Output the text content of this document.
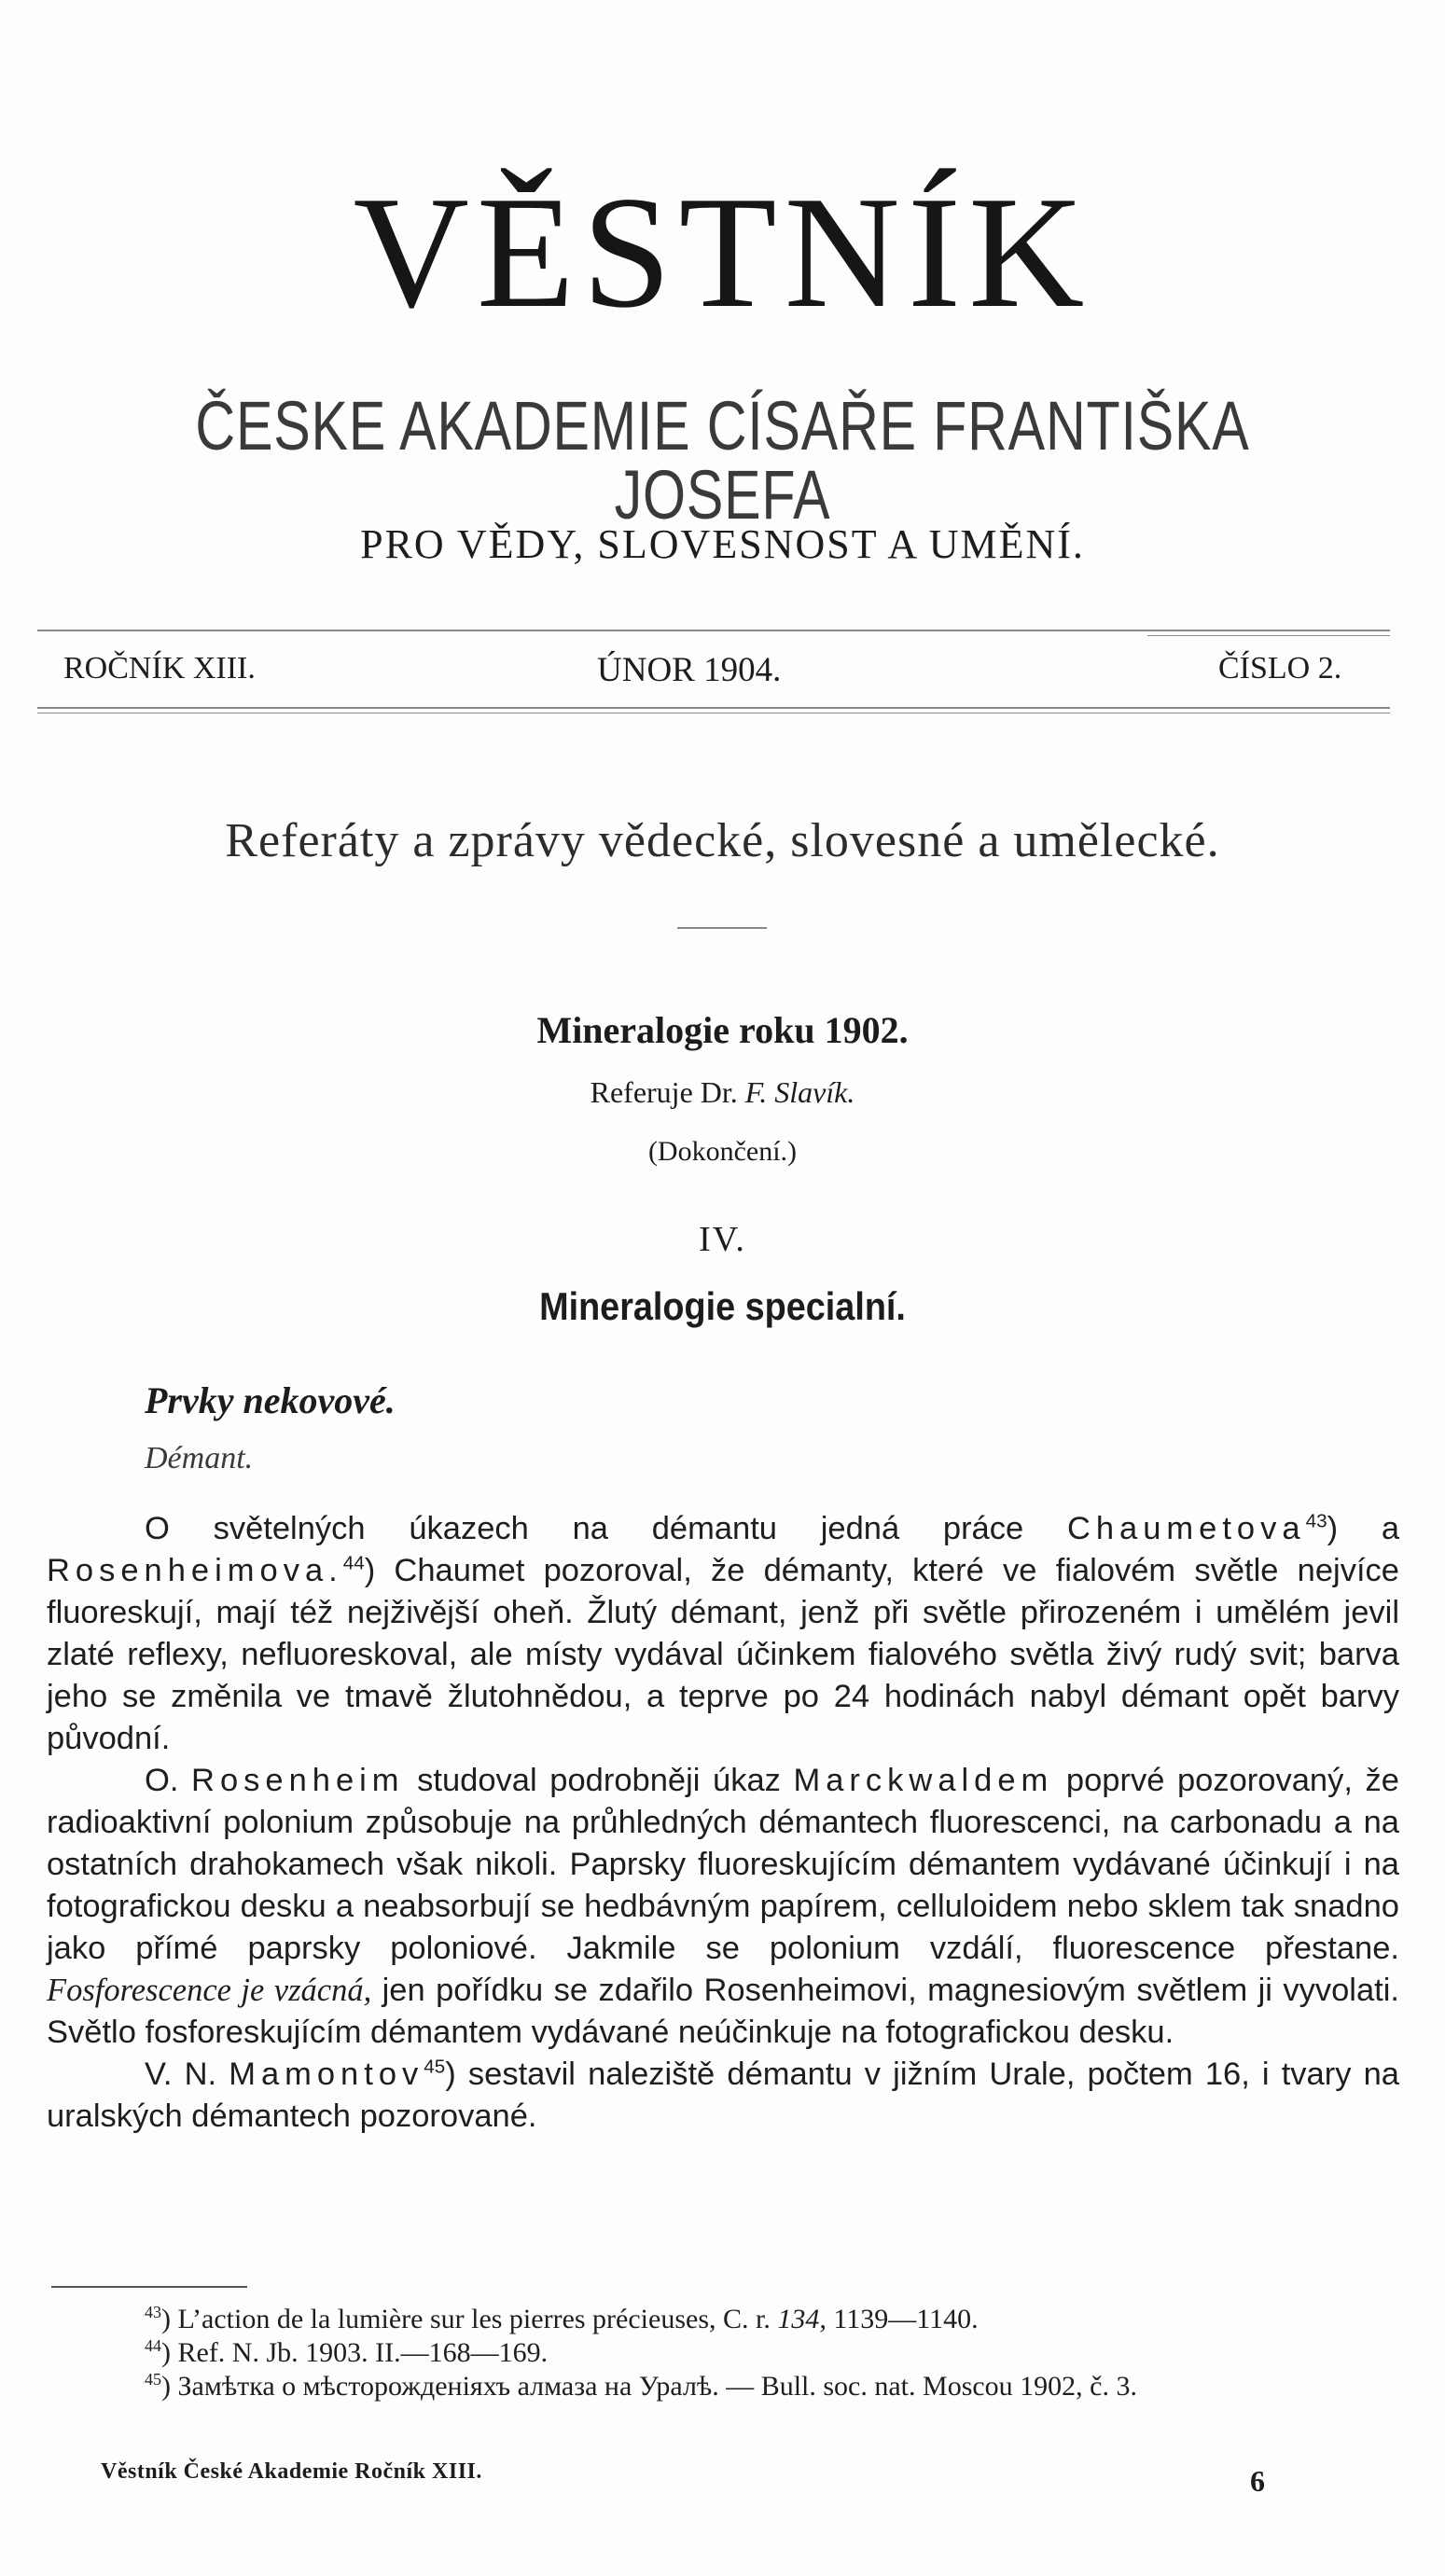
VĚSTNÍK
ČESKE AKADEMIE CÍSAŘE FRANTIŠKA JOSEFA
PRO VĚDY, SLOVESNOST A UMĚNÍ.
ROČNÍK XIII.	ÚNOR 1904.	ČÍSLO 2.
Referáty a zprávy vědecké, slovesné a umělecké.
Mineralogie roku 1902.
Referuje Dr. F. Slavík.
(Dokončení.)
IV.
Mineralogie specialní.
Prvky nekovové.
Démant.

O světelných úkazech na démantu jedná práce Chaumetova$^{43}$) a Rosenheimova.$^{44}$) Chaumet pozoroval, že démanty, které ve fialovém světle nejvíce fluoreskují, mají též nejživější oheň. Žlutý démant, jenž při světle přirozeném i umělém jevil zlaté reflexy, nefluoreskoval, ale místy vydával účinkem fialového světla živý rudý svit; barva jeho se změnila ve tmavě žlutohnědou, a teprve po 24 hodinách nabyl démant opět barvy původní.

O. Rosenheim studoval podrobněji úkaz Marckwaldem poprvé pozorovaný, že radioaktivní polonium způsobuje na průhledných démantech fluorescenci, na carbonadu a na ostatních drahokamech však nikoli. Paprsky fluoreskujícím démantem vydávané účinkují i na fotografickou desku a neabsorbují se hedbávným papírem, celluloidem nebo sklem tak snadno jako přímé paprsky poloniové. Jakmile se polonium vzdálí, fluorescence přestane. Fosforescence je vzácná, jen pořídku se zdařilo Rosenheimovi, magnesiovým světlem ji vyvolati. Světlo fosforeskujícím démantem vydávané neúčinkuje na fotografickou desku.

V. N. Mamontov$^{45}$) sestavil naleziště démantu v jižním Urale, počtem 16, i tvary na uralských démantech pozorované.

$^{43}$) L’action de la lumière sur les pierres précieuses, C. r. 134, 1139—1140.
$^{44}$) Ref. N. Jb. 1903. II.—168—169.
$^{45}$) Замѣтка о мѣсторожденіяхъ алмаза на Уралѣ. — Bull. soc. nat. Moscou 1902, č. 3.
Věstník České Akademie Ročník XIII.	6
